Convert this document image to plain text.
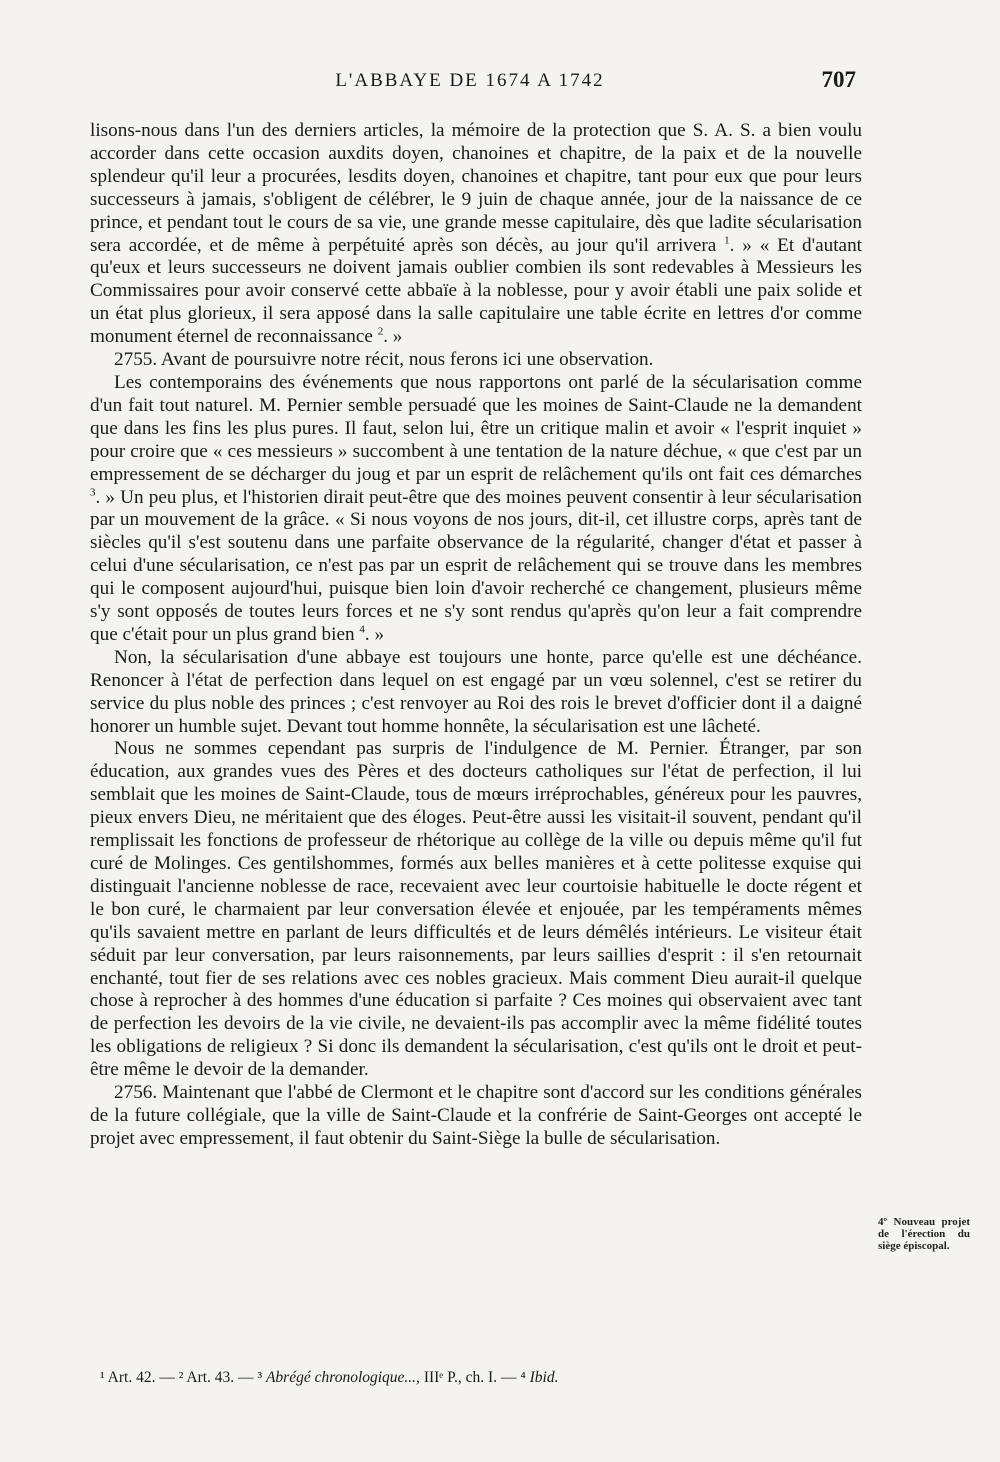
L'ABBAYE DE 1674 A 1742	707

lisons-nous dans l'un des derniers articles, la mémoire de la protection que S. A. S. a bien voulu accorder dans cette occasion auxdits doyen, chanoines et chapitre, de la paix et de la nouvelle splendeur qu'il leur a procurées, lesdits doyen, chanoines et chapitre, tant pour eux que pour leurs successeurs à jamais, s'obligent de célébrer, le 9 juin de chaque année, jour de la naissance de ce prince, et pendant tout le cours de sa vie, une grande messe capitulaire, dès que ladite sécularisation sera accordée, et de même à perpétuité après son décès, au jour qu'il arrivera $^1$. » « Et d'autant qu'eux et leurs successeurs ne doivent jamais oublier combien ils sont redevables à Messieurs les Commissaires pour avoir conservé cette abbaïe à la noblesse, pour y avoir établi une paix solide et un état plus glorieux, il sera apposé dans la salle capitulaire une table écrite en lettres d'or comme monument éternel de reconnaissance $^2$. »

2755. Avant de poursuivre notre récit, nous ferons ici une observation.

Les contemporains des événements que nous rapportons ont parlé de la sécularisation comme d'un fait tout naturel. M. Pernier semble persuadé que les moines de Saint-Claude ne la demandent que dans les fins les plus pures. Il faut, selon lui, être un critique malin et avoir « l'esprit inquiet » pour croire que « ces messieurs » succombent à une tentation de la nature déchue, « que c'est par un empressement de se décharger du joug et par un esprit de relâchement qu'ils ont fait ces démarches $^3$. » Un peu plus, et l'historien dirait peut-être que des moines peuvent consentir à leur sécularisation par un mouvement de la grâce. « Si nous voyons de nos jours, dit-il, cet illustre corps, après tant de siècles qu'il s'est soutenu dans une parfaite observance de la régularité, changer d'état et passer à celui d'une sécularisation, ce n'est pas par un esprit de relâchement qui se trouve dans les membres qui le composent aujourd'hui, puisque bien loin d'avoir recherché ce changement, plusieurs même s'y sont opposés de toutes leurs forces et ne s'y sont rendus qu'après qu'on leur a fait comprendre que c'était pour un plus grand bien $^4$. »

Non, la sécularisation d'une abbaye est toujours une honte, parce qu'elle est une déchéance. Renoncer à l'état de perfection dans lequel on est engagé par un vœu solennel, c'est se retirer du service du plus noble des princes ; c'est renvoyer au Roi des rois le brevet d'officier dont il a daigné honorer un humble sujet. Devant tout homme honnête, la sécularisation est une lâcheté.

Nous ne sommes cependant pas surpris de l'indulgence de M. Pernier. Étranger, par son éducation, aux grandes vues des Pères et des docteurs catholiques sur l'état de perfection, il lui semblait que les moines de Saint-Claude, tous de mœurs irréprochables, généreux pour les pauvres, pieux envers Dieu, ne méritaient que des éloges. Peut-être aussi les visitait-il souvent, pendant qu'il remplissait les fonctions de professeur de rhétorique au collège de la ville ou depuis même qu'il fut curé de Molinges. Ces gentilshommes, formés aux belles manières et à cette politesse exquise qui distinguait l'ancienne noblesse de race, recevaient avec leur courtoisie habituelle le docte régent et le bon curé, le charmaient par leur conversation élevée et enjouée, par les tempéraments mêmes qu'ils savaient mettre en parlant de leurs difficultés et de leurs démêlés intérieurs. Le visiteur était séduit par leur conversation, par leurs raisonnements, par leurs saillies d'esprit : il s'en retournait enchanté, tout fier de ses relations avec ces nobles gracieux. Mais comment Dieu aurait-il quelque chose à reprocher à des hommes d'une éducation si parfaite ? Ces moines qui observaient avec tant de perfection les devoirs de la vie civile, ne devaient-ils pas accomplir avec la même fidélité toutes les obligations de religieux ? Si donc ils demandent la sécularisation, c'est qu'ils ont le droit et peut-être même le devoir de la demander.

2756. Maintenant que l'abbé de Clermont et le chapitre sont d'accord sur les conditions générales de la future collégiale, que la ville de Saint-Claude et la confrérie de Saint-Georges ont accepté le projet avec empressement, il faut obtenir du Saint-Siège la bulle de sécularisation.

4º Nouveau projet de l'érection du siège épiscopal.
¹ Art. 42. — ² Art. 43. — ³ Abrégé chronologique..., IIIᵉ P., ch. I. — ⁴ Ibid.
